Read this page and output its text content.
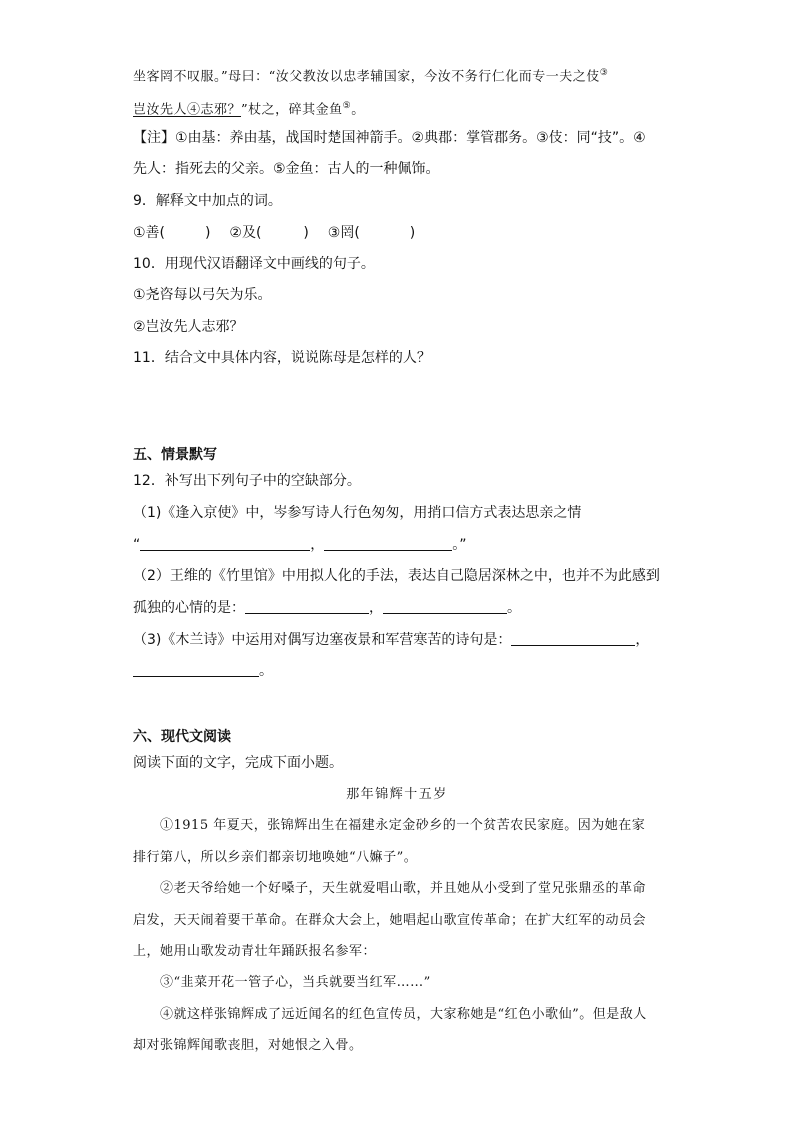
坐客罔不叹服。”母曰：“汝父教汝以忠孝辅国家，今汝不务行仁化而专一夫之伎③
岂汝先人④志邪？”杖之，碎其金鱼⑤。
【注】①由基：养由基，战国时楚国神箭手。②典郡：掌管郡务。③伎：同“技”。④
先人：指死去的父亲。⑤金鱼：古人的一种佩饰。
9．解释文中加点的词。
①善(	) ②及(	) ③罔(	)
10．用现代汉语翻译文中画线的句子。
①尧咨每以弓矢为乐。
②岂汝先人志邪？
11．结合文中具体内容，说说陈母是怎样的人？
五、情景默写
12．补写出下列句子中的空缺部分。
（1)《逢入京使》中，岑参写诗人行色匆匆，用捎口信方式表达思亲之情
“	，	。”
（2）王维的《竹里馆》中用拟人化的手法，表达自己隐居深林之中，也并不为此感到
孤独的心情的是：	，	。
（3)《木兰诗》中运用对偶写边塞夜景和军营寒苦的诗句是：	，
。
六、现代文阅读
阅读下面的文字，完成下面小题。
那年锦辉十五岁
①1915 年夏天，张锦辉出生在福建永定金砂乡的一个贫苦农民家庭。因为她在家
排行第八，所以乡亲们都亲切地唤她“八嫲子”。
②老天爷给她一个好嗓子，天生就爱唱山歌，并且她从小受到了堂兄张鼎丞的革命
启发，天天闹着要干革命。在群众大会上，她唱起山歌宣传革命；在扩大红军的动员会
上，她用山歌发动青壮年踊跃报名参军：
③“韭菜开花一管子心，当兵就要当红军……”
④就这样张锦辉成了远近闻名的红色宣传员，大家称她是“红色小歌仙”。但是敌人
却对张锦辉闻歌丧胆，对她恨之入骨。
